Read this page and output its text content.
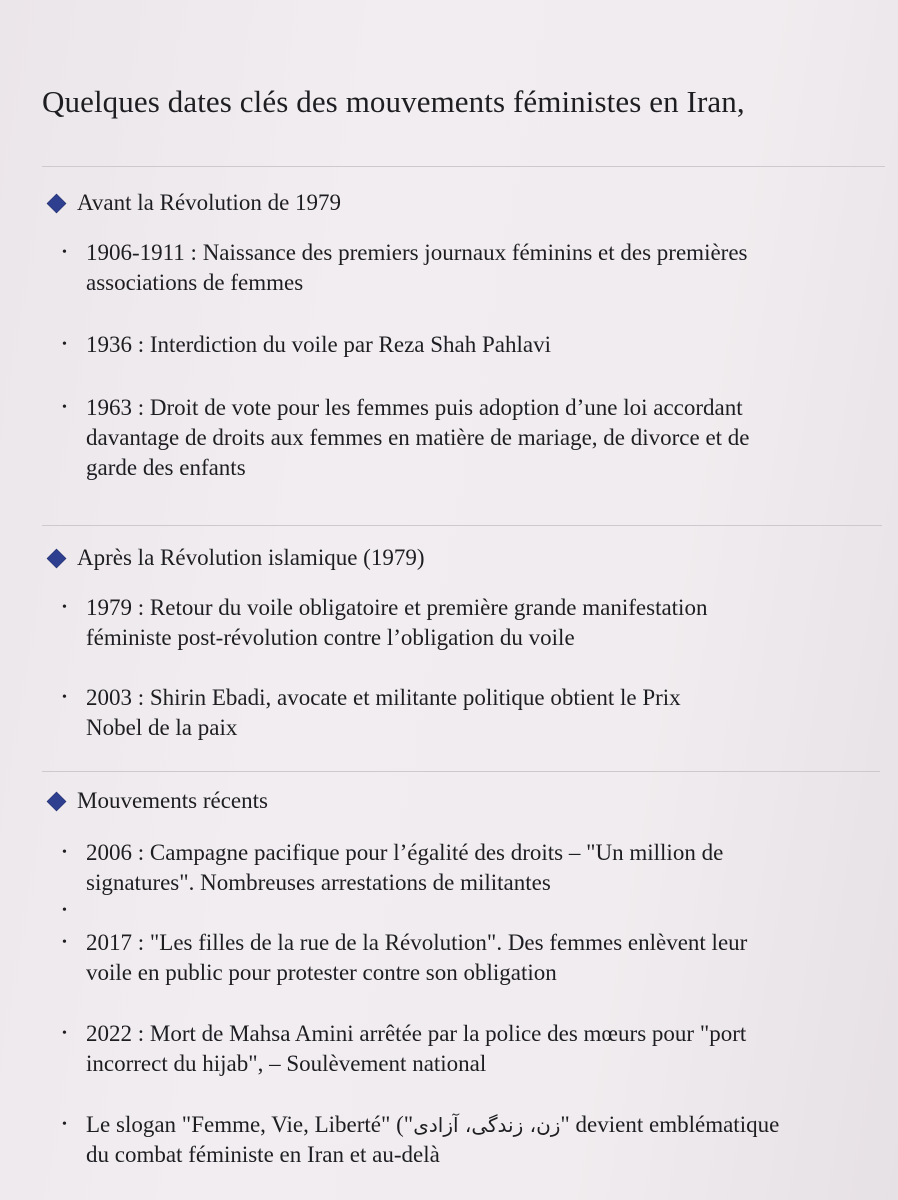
Quelques dates clés des mouvements féministes en Iran,
Avant la Révolution de 1979
• 1906-1911 : Naissance des premiers journaux féminins et des premières
associations de femmes
• 1936 : Interdiction du voile par Reza Shah Pahlavi
• 1963 : Droit de vote pour les femmes puis adoption d’une loi accordant
davantage de droits aux femmes en matière de mariage, de divorce et de
garde des enfants
Après la Révolution islamique (1979)
• 1979 : Retour du voile obligatoire et première grande manifestation
féministe post-révolution contre l’obligation du voile
• 2003 : Shirin Ebadi, avocate et militante politique obtient le Prix
Nobel de la paix
Mouvements récents
• 2006 : Campagne pacifique pour l’égalité des droits – "Un million de
signatures". Nombreuses arrestations de militantes
•
• 2017 : "Les filles de la rue de la Révolution". Des femmes enlèvent leur
voile en public pour protester contre son obligation
• 2022 : Mort de Mahsa Amini arrêtée par la police des mœurs pour "port
incorrect du hijab", – Soulèvement national
• Le slogan "Femme, Vie, Liberté" ("زن، زندگی، آزادی" devient emblématique
du combat féministe en Iran et au-delà
